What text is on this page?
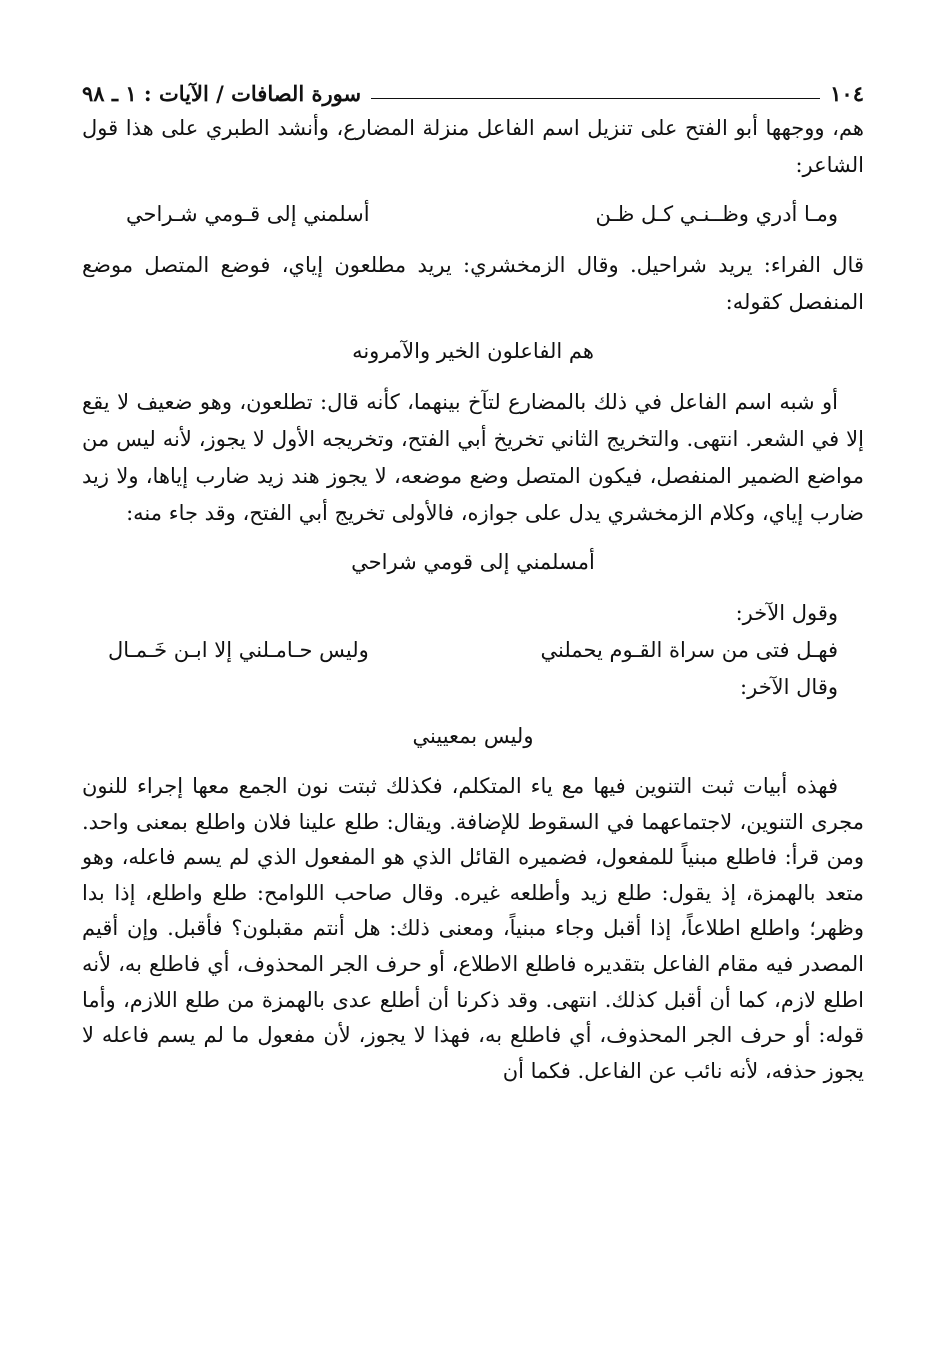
١٠٤
سورة الصافات / الآيات : ١ ـ ٩٨

هم، ووجهها أبو الفتح على تنزيل اسم الفاعل منزلة المضارع، وأنشد الطبري على هذا قول الشاعر:

ومـا أدري وظــنـي كـل ظـن
أسلمني إلى قـومي شـراحي

قال الفراء: يريد شراحيل. وقال الزمخشري: يريد مطلعون إياي، فوضع المتصل موضع المنفصل كقوله:

هم الفاعلون الخير والآمرونه

أو شبه اسم الفاعل في ذلك بالمضارع لتآخ بينهما، كأنه قال: تطلعون، وهو ضعيف لا يقع إلا في الشعر. انتهى. والتخريج الثاني تخريخ أبي الفتح، وتخريجه الأول لا يجوز، لأنه ليس من مواضع الضمير المنفصل، فيكون المتصل وضع موضعه، لا يجوز هند زيد ضارب إياها، ولا زيد ضارب إياي، وكلام الزمخشري يدل على جوازه، فالأولى تخريج أبي الفتح، وقد جاء منه:

أمسلمني إلى قومي شراحي

وقول الآخر:

فهـل فتى من سراة القـوم يحملني
وليس حـامـلني إلا ابـن خَـمـال

وقال الآخر:

وليس بمعييني

فهذه أبيات ثبت التنوين فيها مع ياء المتكلم، فكذلك ثبتت نون الجمع معها إجراء للنون مجرى التنوين، لاجتماعهما في السقوط للإضافة. ويقال: طلع علينا فلان واطلع بمعنى واحد. ومن قرأ: فاطلع مبنياً للمفعول، فضميره القائل الذي هو المفعول الذي لم يسم فاعله، وهو متعد بالهمزة، إذ يقول: طلع زيد وأطلعه غيره. وقال صاحب اللوامح: طلع واطلع، إذا بدا وظهر؛ واطلع اطلاعاً، إذا أقبل وجاء مبنياً، ومعنى ذلك: هل أنتم مقبلون؟ فأقبل. وإن أقيم المصدر فيه مقام الفاعل بتقديره فاطلع الاطلاع، أو حرف الجر المحذوف، أي فاطلع به، لأنه اطلع لازم، كما أن أقبل كذلك. انتهى. وقد ذكرنا أن أطلع عدى بالهمزة من طلع اللازم، وأما قوله: أو حرف الجر المحذوف، أي فاطلع به، فهذا لا يجوز، لأن مفعول ما لم يسم فاعله لا يجوز حذفه، لأنه نائب عن الفاعل. فكما أن
